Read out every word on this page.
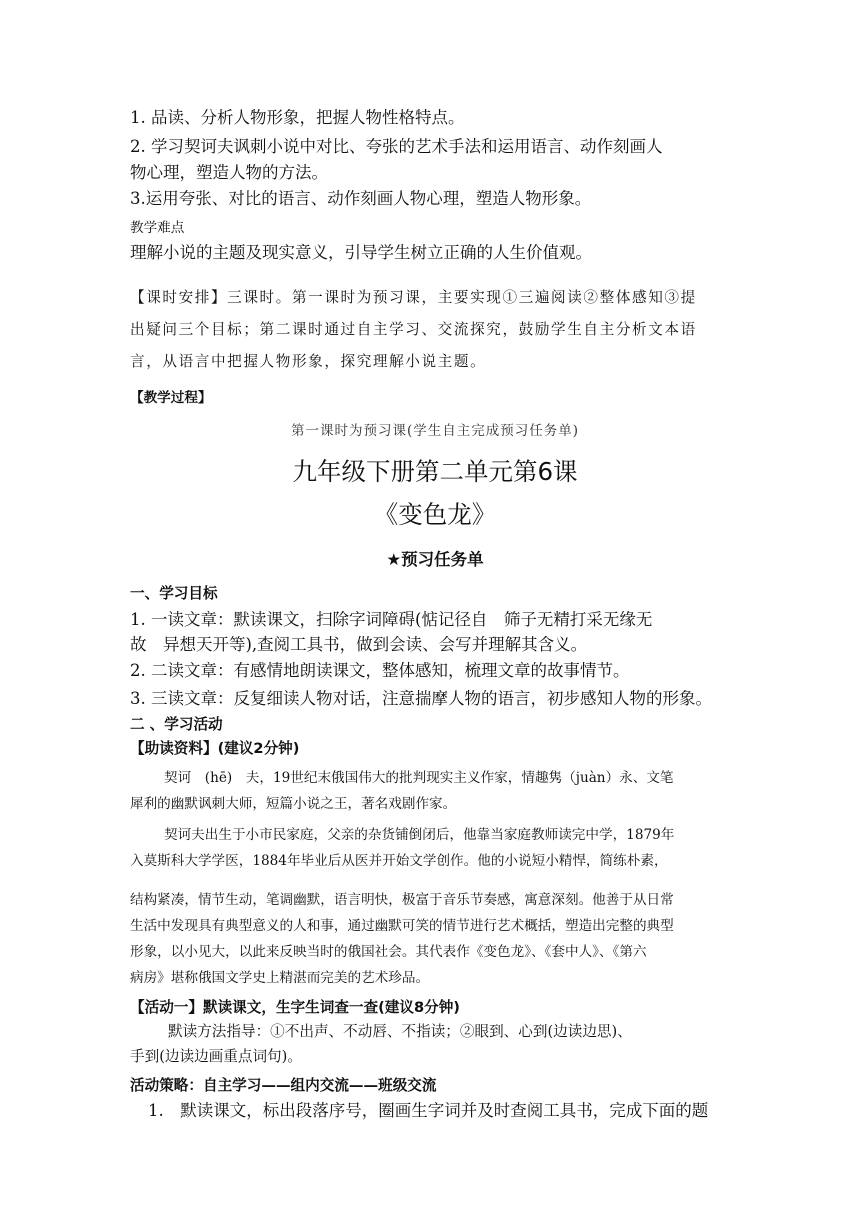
1. 品读、分析人物形象，把握人物性格特点。

2. 学习契诃夫讽刺小说中对比、夸张的艺术手法和运用语言、动作刻画人

物心理，塑造人物的方法。

3.运用夸张、对比的语言、动作刻画人物心理，塑造人物形象。

教学难点

理解小说的主题及现实意义，引导学生树立正确的人生价值观。

【课时安排】三课时。第一课时为预习课，主要实现①三遍阅读②整体感知③提

出疑问三个目标；第二课时通过自主学习、交流探究，鼓励学生自主分析文本语

言，从语言中把握人物形象，探究理解小说主题。

【教学过程】

第一课时为预习课(学生自主完成预习任务单)

九年级下册第二单元第6课

《变色龙》

★预习任务单

一、学习目标

1. 一读文章：默读课文，扫除字词障碍(惦记径自　筛子无精打采无缘无

故　异想天开等),查阅工具书，做到会读、会写并理解其含义。

2. 二读文章：有感情地朗读课文，整体感知，梳理文章的故事情节。

3. 三读文章：反复细读人物对话，注意揣摩人物的语言，初步感知人物的形象。

二 、学习活动

【助读资料】(建议2分钟)

契诃　(hē)　夫，19世纪末俄国伟大的批判现实主义作家，情趣隽（juàn）永、文笔

犀利的幽默讽刺大师，短篇小说之王，著名戏剧作家。

契诃夫出生于小市民家庭，父亲的杂货铺倒闭后，他靠当家庭教师读完中学，1879年

入莫斯科大学学医，1884年毕业后从医并开始文学创作。他的小说短小精悍，简练朴素，

结构紧凑，情节生动，笔调幽默，语言明快，极富于音乐节奏感，寓意深刻。他善于从日常

生活中发现具有典型意义的人和事，通过幽默可笑的情节进行艺术概括，塑造出完整的典型

形象，以小见大，以此来反映当时的俄国社会。其代表作《变色龙》、《套中人》、《第六

病房》堪称俄国文学史上精湛而完美的艺术珍品。

【活动一】默读课文，生字生词查一查(建议8分钟)

默读方法指导：①不出声、不动唇、不指读；②眼到、心到(边读边思)、

手到(边读边画重点词句)。

活动策略：自主学习——组内交流——班级交流

1.　默读课文，标出段落序号，圈画生字词并及时查阅工具书，完成下面的题
